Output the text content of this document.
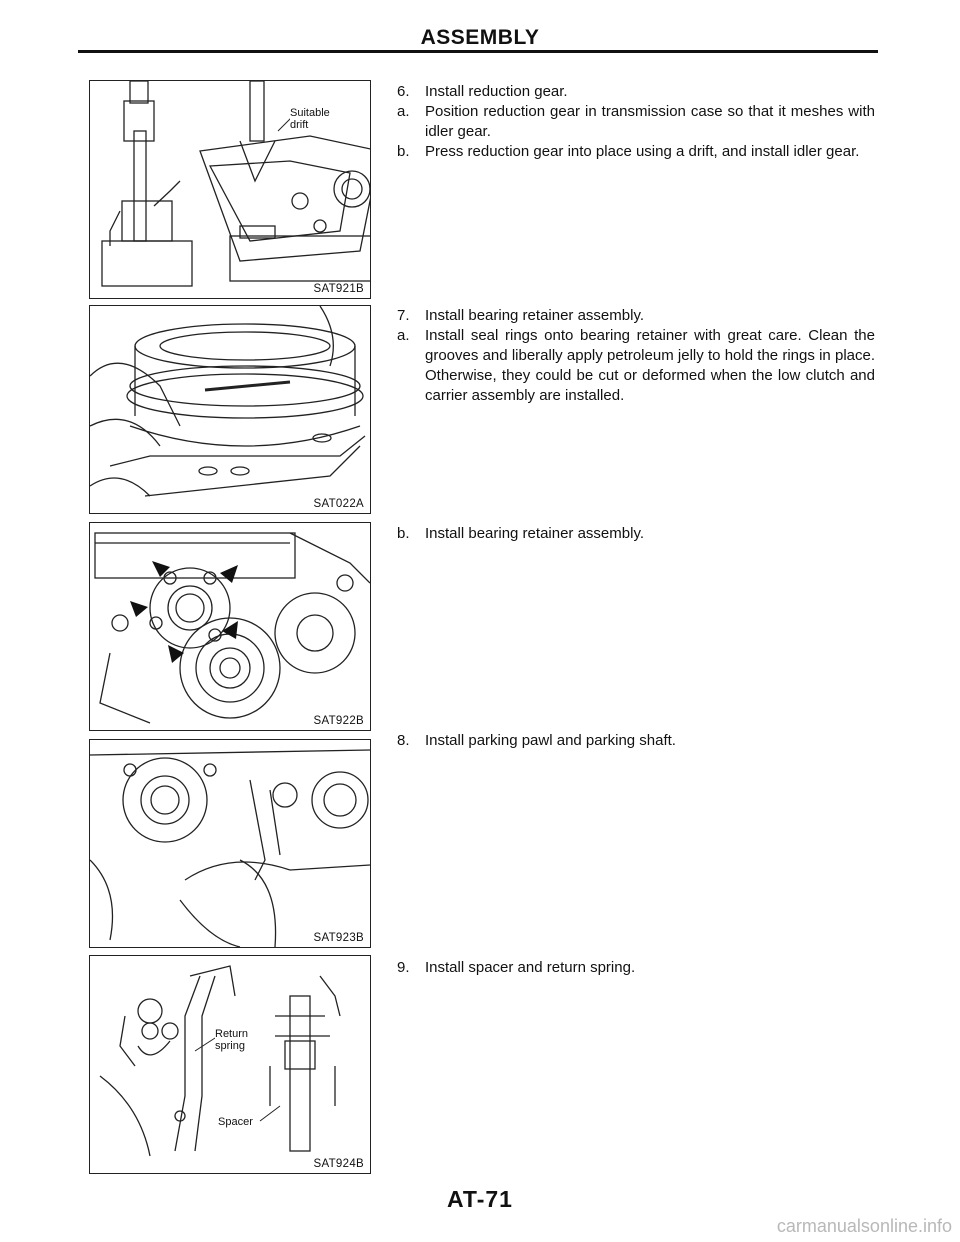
ASSEMBLY
Suitable
drift
SAT921B
SAT022A
SAT922B
SAT923B
Return
spring
Spacer
SAT924B
6. Install reduction gear.
a. Position reduction gear in transmission case so that it meshes with idler gear.
b. Press reduction gear into place using a drift, and install idler gear.
7. Install bearing retainer assembly.
a. Install seal rings onto bearing retainer with great care. Clean the grooves and liberally apply petroleum jelly to hold the rings in place. Otherwise, they could be cut or deformed when the low clutch and carrier assembly are installed.
b. Install bearing retainer assembly.
8. Install parking pawl and parking shaft.
9. Install spacer and return spring.
AT-71
carmanualsonline.info
